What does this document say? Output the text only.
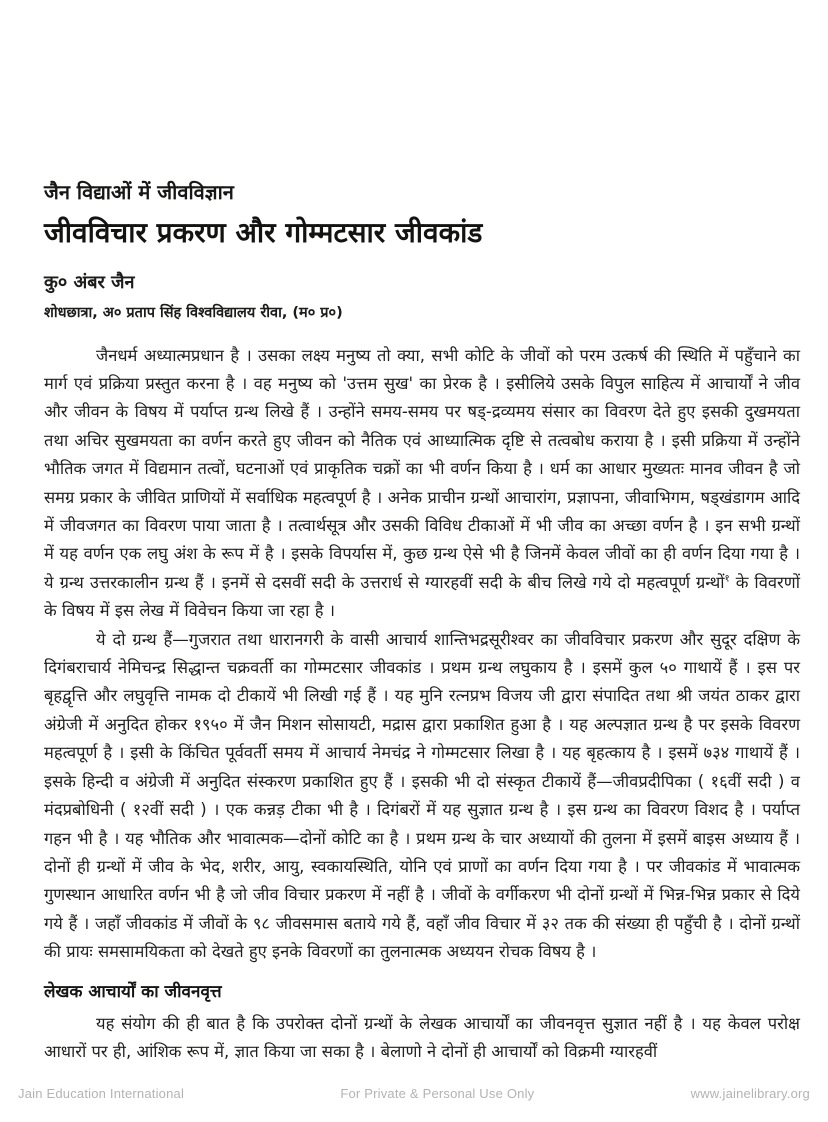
जैन विद्याओं में जीवविज्ञान
जीवविचार प्रकरण और गोम्मटसार जीवकांड
कु० अंबर जैन
शोधछात्रा, अ० प्रताप सिंह विश्वविद्यालय रीवा, (म० प्र०)

जैनधर्म अध्यात्मप्रधान है । उसका लक्ष्य मनुष्य तो क्या, सभी कोटि के जीवों को परम उत्कर्ष की स्थिति में पहुँचाने का मार्ग एवं प्रक्रिया प्रस्तुत करना है । वह मनुष्य को 'उत्तम सुख' का प्रेरक है । इसीलिये उसके विपुल साहित्य में आचार्यों ने जीव और जीवन के विषय में पर्याप्त ग्रन्थ लिखे हैं । उन्होंने समय-समय पर षड्-द्रव्यमय संसार का विवरण देते हुए इसकी दुखमयता तथा अचिर सुखमयता का वर्णन करते हुए जीवन को नैतिक एवं आध्यात्मिक दृष्टि से तत्वबोध कराया है । इसी प्रक्रिया में उन्होंने भौतिक जगत में विद्यमान तत्वों, घटनाओं एवं प्राकृतिक चक्रों का भी वर्णन किया है । धर्म का आधार मुख्यतः मानव जीवन है जो समग्र प्रकार के जीवित प्राणियों में सर्वाधिक महत्वपूर्ण है । अनेक प्राचीन ग्रन्थों आचारांग, प्रज्ञापना, जीवाभिगम, षड्खंडागम आदि में जीवजगत का विवरण पाया जाता है । तत्वार्थसूत्र और उसकी विविध टीकाओं में भी जीव का अच्छा वर्णन है । इन सभी ग्रन्थों में यह वर्णन एक लघु अंश के रूप में है । इसके विपर्यास में, कुछ ग्रन्थ ऐसे भी है जिनमें केवल जीवों का ही वर्णन दिया गया है । ये ग्रन्थ उत्तरकालीन ग्रन्थ हैं । इनमें से दसवीं सदी के उत्तरार्ध से ग्यारहवीं सदी के बीच लिखे गये दो महत्वपूर्ण ग्रन्थों$^१$ के विवरणों के विषय में इस लेख में विवेचन किया जा रहा है ।

ये दो ग्रन्थ हैं—गुजरात तथा धारानगरी के वासी आचार्य शान्तिभद्रसूरीश्वर का जीवविचार प्रकरण और सुदूर दक्षिण के दिगंबराचार्य नेमिचन्द्र सिद्धान्त चक्रवर्ती का गोम्मटसार जीवकांड । प्रथम ग्रन्थ लघुकाय है । इसमें कुल ५० गाथायें हैं । इस पर बृहद्वृत्ति और लघुवृत्ति नामक दो टीकायें भी लिखी गई हैं । यह मुनि रत्नप्रभ विजय जी द्वारा संपादित तथा श्री जयंत ठाकर द्वारा अंग्रेजी में अनुदित होकर १९५० में जैन मिशन सोसायटी, मद्रास द्वारा प्रकाशित हुआ है । यह अल्पज्ञात ग्रन्थ है पर इसके विवरण महत्वपूर्ण है । इसी के किंचित पूर्ववर्ती समय में आचार्य नेमचंद्र ने गोम्मटसार लिखा है । यह बृहत्काय है । इसमें ७३४ गाथायें हैं । इसके हिन्दी व अंग्रेजी में अनुदित संस्करण प्रकाशित हुए हैं । इसकी भी दो संस्कृत टीकायें हैं—जीवप्रदीपिका ( १६वीं सदी ) व मंदप्रबोधिनी ( १२वीं सदी ) । एक कन्नड़ टीका भी है । दिगंबरों में यह सुज्ञात ग्रन्थ है । इस ग्रन्थ का विवरण विशद है । पर्याप्त गहन भी है । यह भौतिक और भावात्मक—दोनों कोटि का है । प्रथम ग्रन्थ के चार अध्यायों की तुलना में इसमें बाइस अध्याय हैं । दोनों ही ग्रन्थों में जीव के भेद, शरीर, आयु, स्वकायस्थिति, योनि एवं प्राणों का वर्णन दिया गया है । पर जीवकांड में भावात्मक गुणस्थान आधारित वर्णन भी है जो जीव विचार प्रकरण में नहीं है । जीवों के वर्गीकरण भी दोनों ग्रन्थों में भिन्न-भिन्न प्रकार से दिये गये हैं । जहाँ जीवकांड में जीवों के ९८ जीवसमास बताये गये हैं, वहाँ जीव विचार में ३२ तक की संख्या ही पहुँची है । दोनों ग्रन्थों की प्रायः समसामयिकता को देखते हुए इनके विवरणों का तुलनात्मक अध्ययन रोचक विषय है ।

लेखक आचार्यों का जीवनवृत्त

यह संयोग की ही बात है कि उपरोक्त दोनों ग्रन्थों के लेखक आचार्यों का जीवनवृत्त सुज्ञात नहीं है । यह केवल परोक्ष आधारों पर ही, आंशिक रूप में, ज्ञात किया जा सका है । बेलाणो ने दोनों ही आचार्यों को विक्रमी ग्यारहवीं

Jain Education International	For Private & Personal Use Only	www.jainelibrary.org
